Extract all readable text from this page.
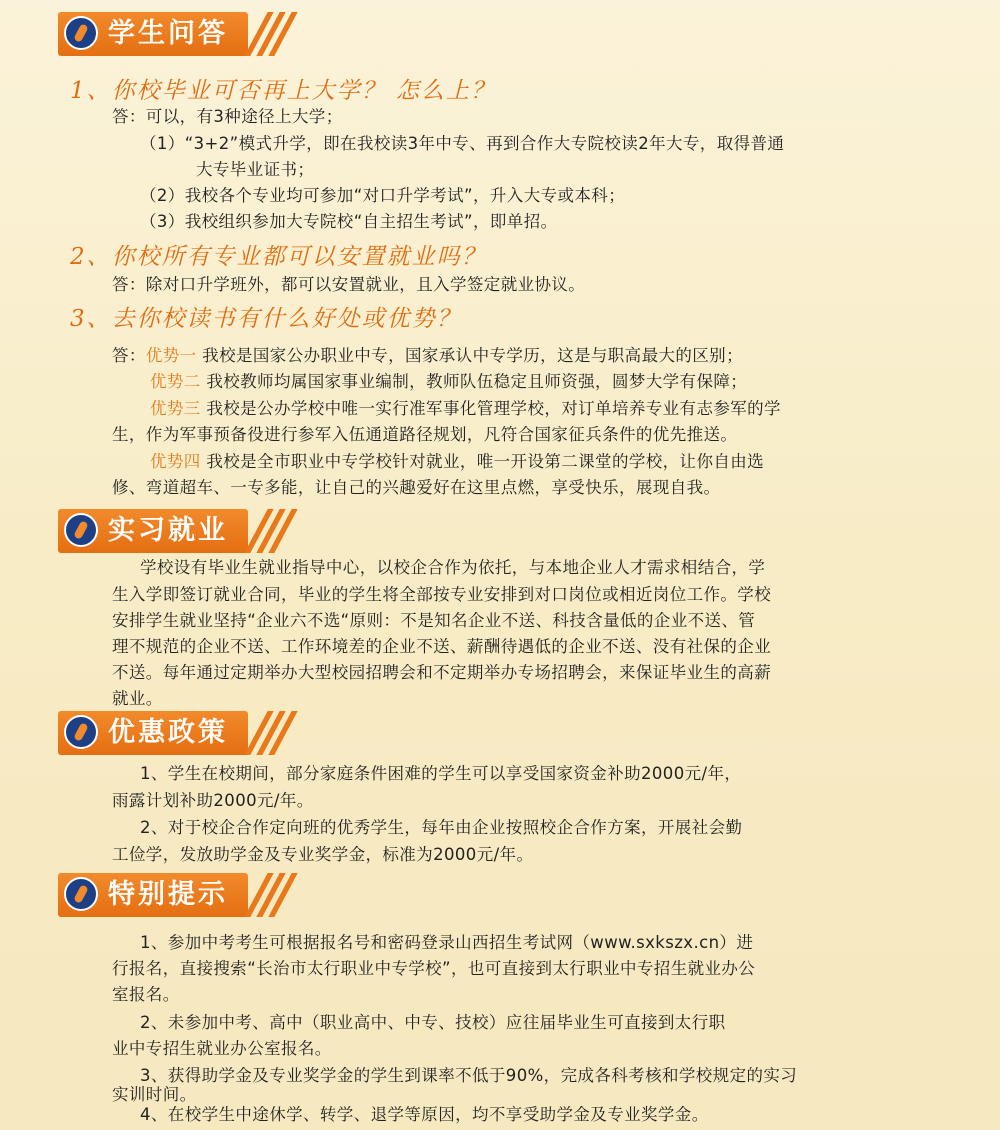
学生问答
1、你校毕业可否再上大学？ 怎么上？
答：可以，有3种途径上大学；
（1）“3+2”模式升学，即在我校读3年中专、再到合作大专院校读2年大专，取得普通
大专毕业证书；
（2）我校各个专业均可参加“对口升学考试”，升入大专或本科；
（3）我校组织参加大专院校“自主招生考试”，即单招。
2、你校所有专业都可以安置就业吗？
答：除对口升学班外，都可以安置就业，且入学签定就业协议。
3、去你校读书有什么好处或优势？
答：优势一 我校是国家公办职业中专，国家承认中专学历，这是与职高最大的区别；
优势二 我校教师均属国家事业编制，教师队伍稳定且师资强，圆梦大学有保障；
优势三 我校是公办学校中唯一实行准军事化管理学校，对订单培养专业有志参军的学
生，作为军事预备役进行参军入伍通道路径规划，凡符合国家征兵条件的优先推送。
优势四 我校是全市职业中专学校针对就业，唯一开设第二课堂的学校，让你自由选
修、弯道超车、一专多能，让自己的兴趣爱好在这里点燃，享受快乐，展现自我。
实习就业
学校设有毕业生就业指导中心，以校企合作为依托，与本地企业人才需求相结合，学
生入学即签订就业合同，毕业的学生将全部按专业安排到对口岗位或相近岗位工作。学校
安排学生就业坚持“企业六不选“原则：不是知名企业不送、科技含量低的企业不送、管
理不规范的企业不送、工作环境差的企业不送、薪酬待遇低的企业不送、没有社保的企业
不送。每年通过定期举办大型校园招聘会和不定期举办专场招聘会，来保证毕业生的高薪
就业。
优惠政策
1、学生在校期间，部分家庭条件困难的学生可以享受国家资金补助2000元/年，
雨露计划补助2000元/年。
2、对于校企合作定向班的优秀学生，每年由企业按照校企合作方案，开展社会勤
工俭学，发放助学金及专业奖学金，标准为2000元/年。
特别提示
1、参加中考考生可根据报名号和密码登录山西招生考试网（www.sxkszx.cn）进
行报名，直接搜索“长治市太行职业中专学校”，也可直接到太行职业中专招生就业办公
室报名。
2、未参加中考、高中（职业高中、中专、技校）应往届毕业生可直接到太行职
业中专招生就业办公室报名。
3、获得助学金及专业奖学金的学生到课率不低于90%，完成各科考核和学校规定的实习
实训时间。
4、在校学生中途休学、转学、退学等原因，均不享受助学金及专业奖学金。
